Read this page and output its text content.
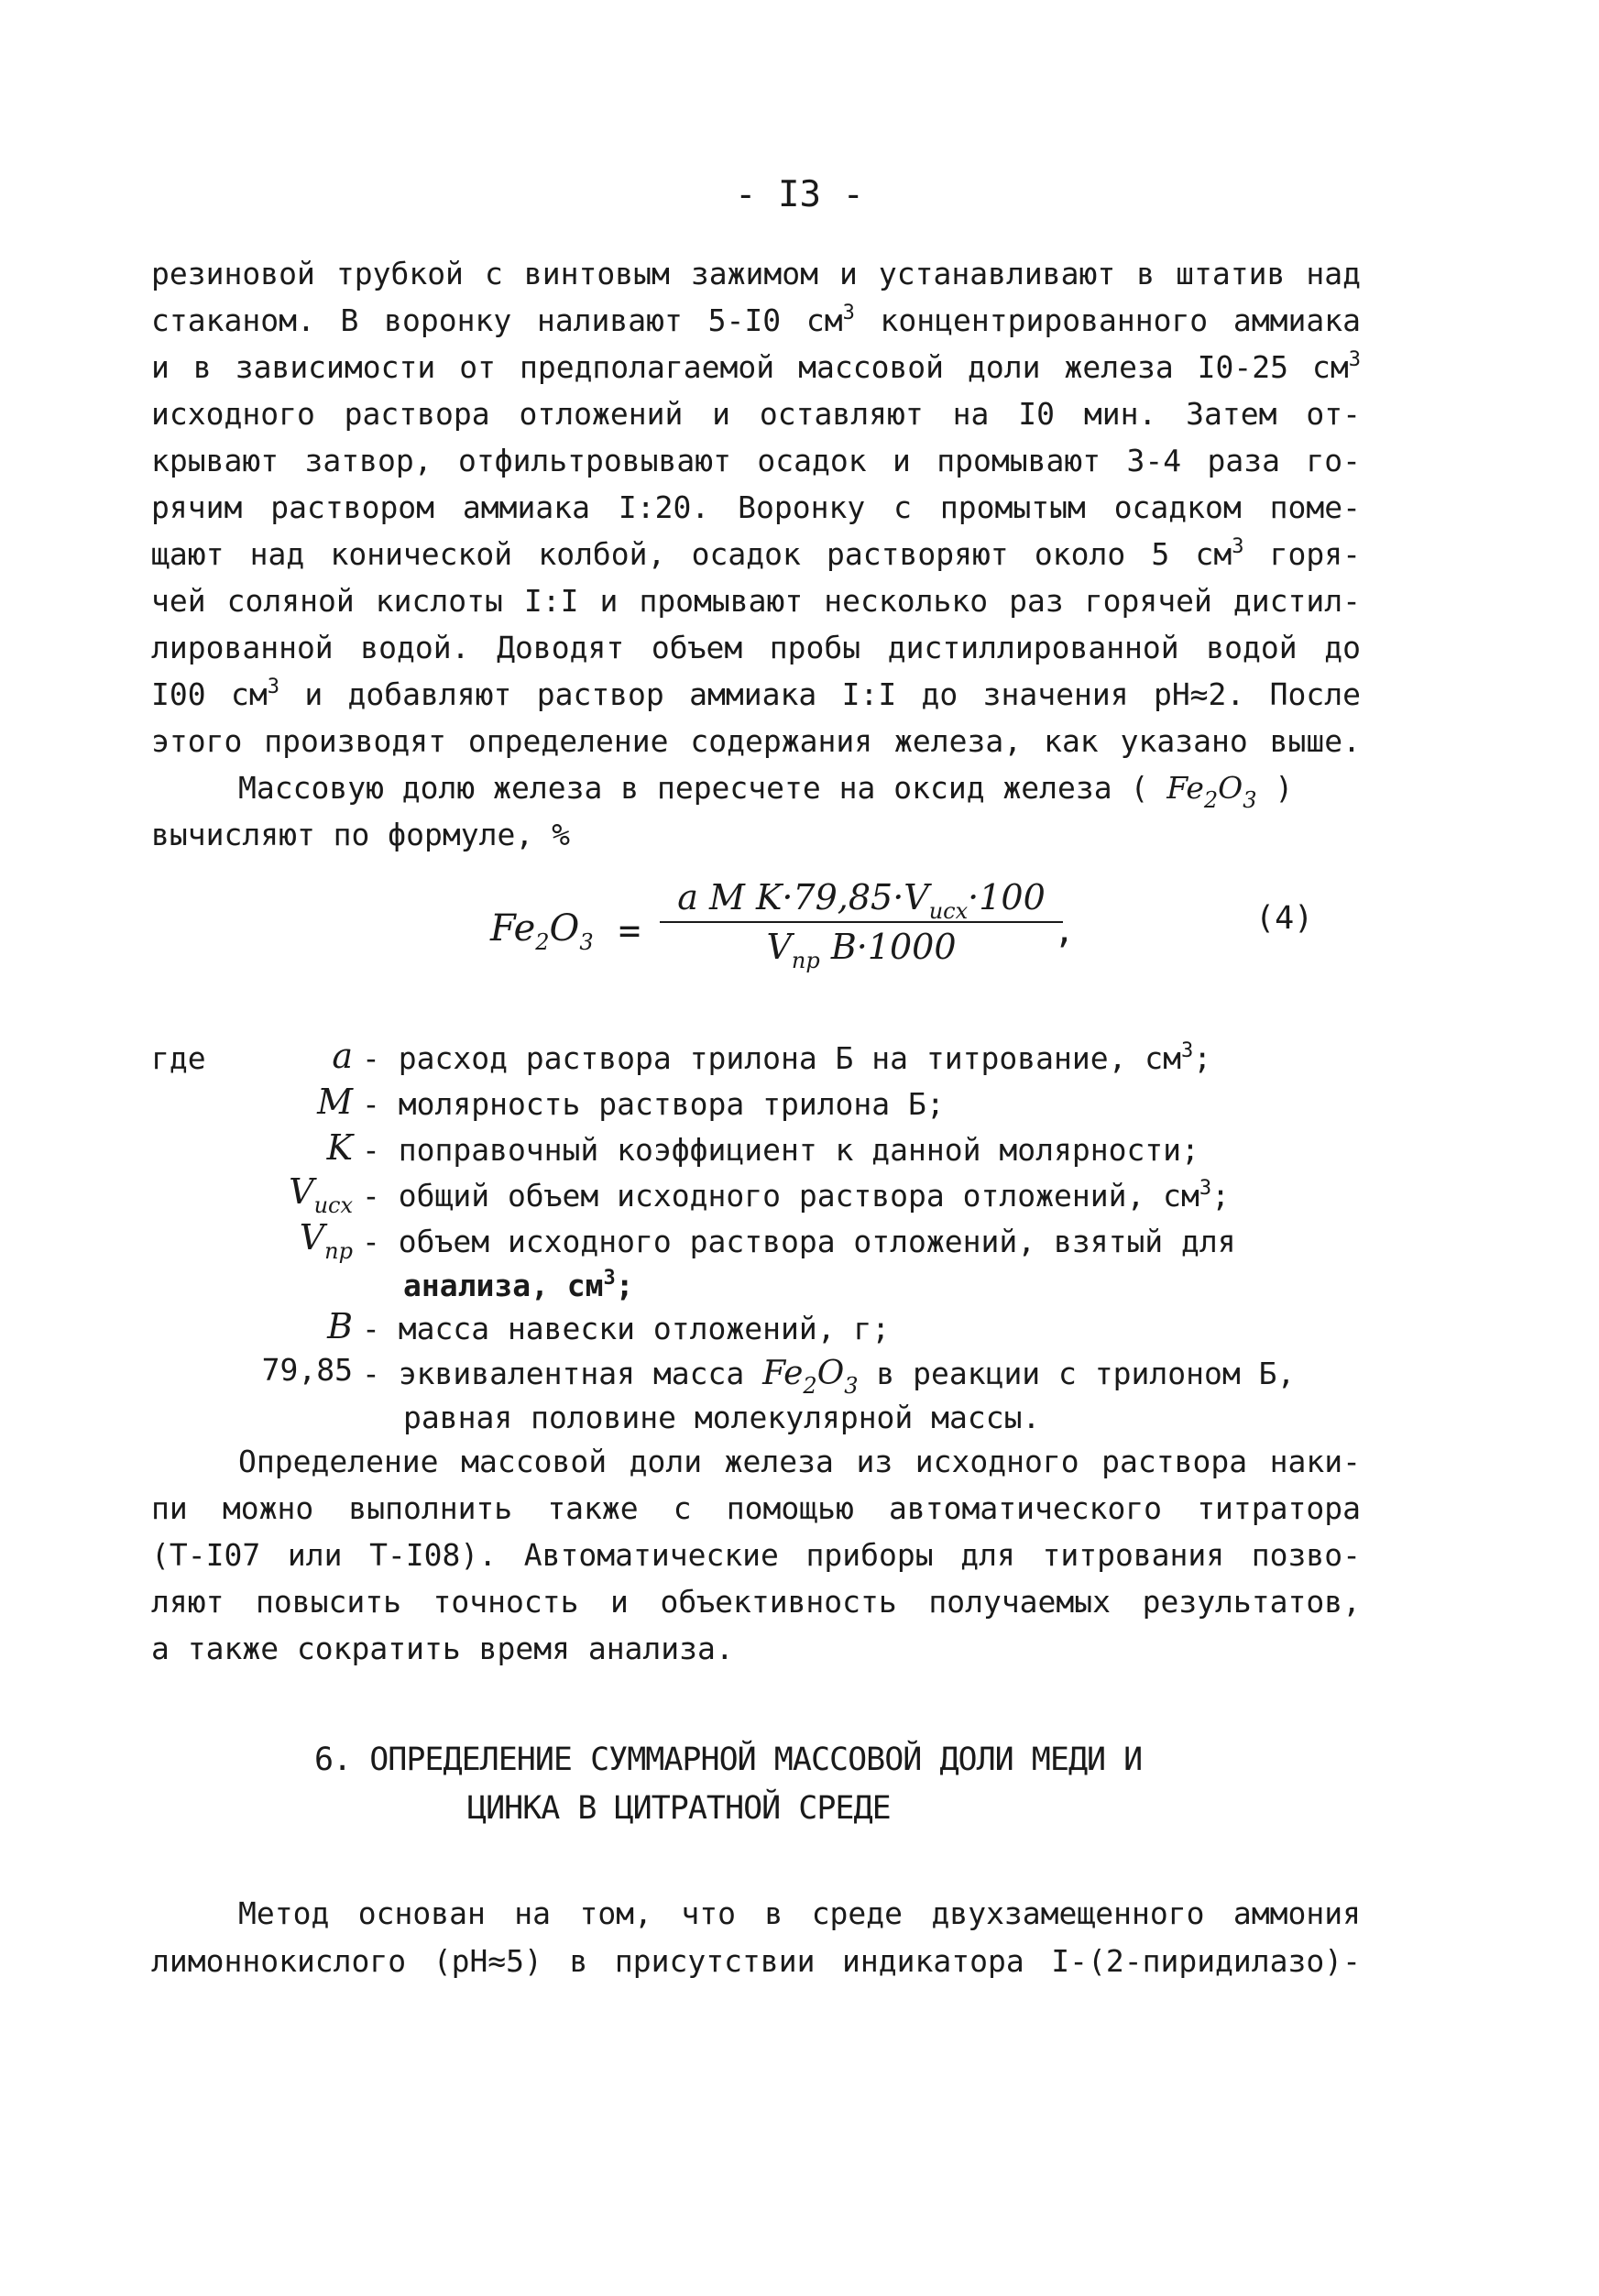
- I3 -
резиновой трубкой с винтовым зажимом и устанавливают в штатив над
стаканом. В воронку наливают 5-I0 $см^3$ концентрированного аммиака
и в зависимости от предполагаемой массовой доли железа I0-25 $см^3$
исходного раствора отложений и оставляют на I0 мин. Затем от-
крывают затвор, отфильтровывают осадок и промывают 3-4 раза го-
рячим раствором аммиака I:20. Воронку с промытым осадком поме-
щают над конической колбой, осадок растворяют около 5 $см^3$ горя-
чей соляной кислоты I:I и промывают несколько раз горячей дистил-
лированной водой. Доводят объем пробы дистиллированной водой до
I00 $см^3$ и добавляют раствор аммиака I:I до значения pH≈2. После
этого производят определение содержания железа, как указано выше.
Массовую долю железа в пересчете на оксид железа ( $Fe_2O_3$ )
вычисляют по формуле, %
$Fe_2O_3$ =
a M $K\cdot 79,85\cdot V_{исх}\cdot 100$
$V_{пр}$ B·1000	,	(4)
где	a - расход раствора трилона Б на титрование, $см^3$;
M - молярность раствора трилона Б;
K - поправочный коэффициент к данной молярности;
$V_{исх}$ - общий объем исходного раствора отложений, $см^3$;
$V_{пр}$ - объем исходного раствора отложений, взятый для
анализа, $см^3$;
B - масса навески отложений, г;
79,85 - эквивалентная масса $Fe_2O_3$ в реакции с трилоном Б,
равная половине молекулярной массы.
Определение массовой доли железа из исходного раствора наки-
пи можно выполнить также с помощью автоматического титратора
(Т-I07 или Т-I08). Автоматические приборы для титрования позво-
ляют повысить точность и объективность получаемых результатов,
а также сократить время анализа.
6. ОПРЕДЕЛЕНИЕ СУММАРНОЙ МАССОВОЙ ДОЛИ МЕДИ И
ЦИНКА В ЦИТРАТНОЙ СРЕДЕ
Метод основан на том, что в среде двухзамещенного аммония
лимоннокислого (pH≈5) в присутствии индикатора I-(2-пиридилазо)-
